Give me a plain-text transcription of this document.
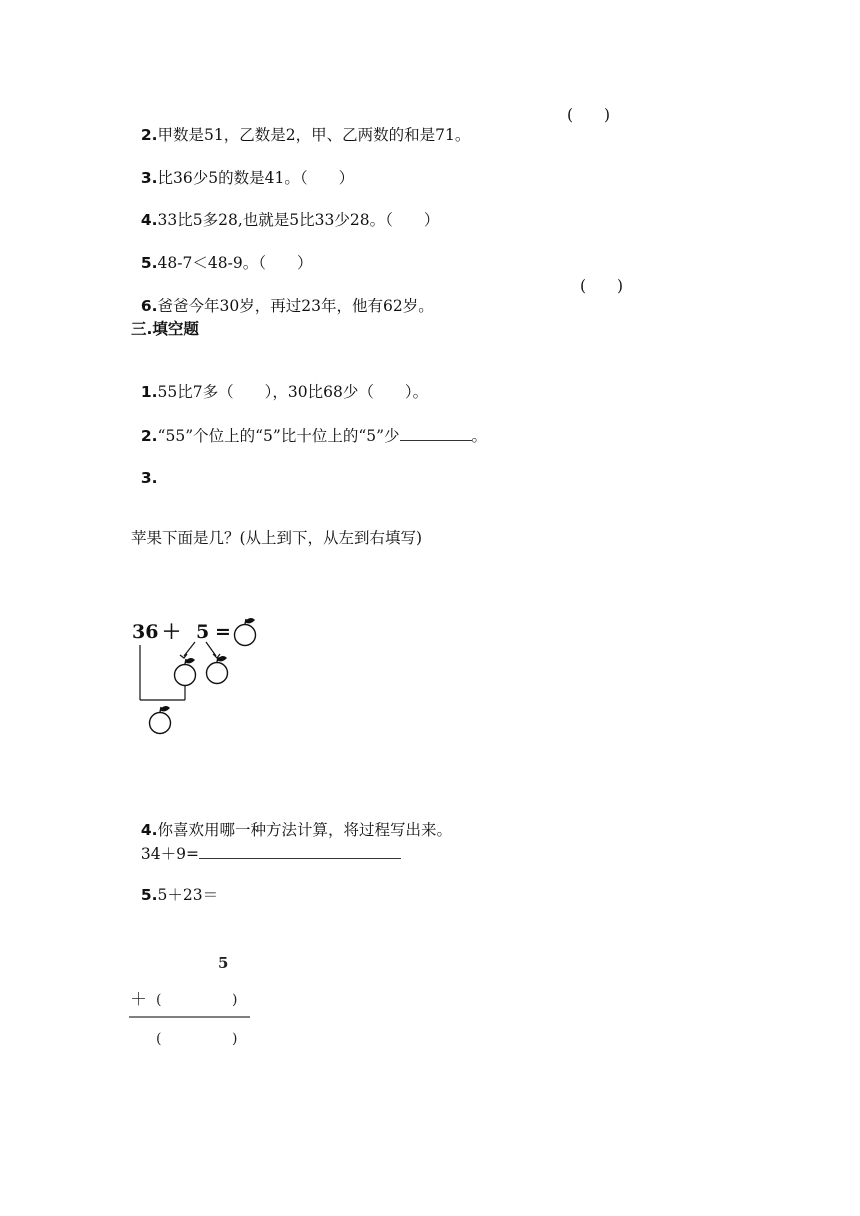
2.甲数是51，乙数是2，甲、乙两数的和是71。

(　　)

3.比36少5的数是41。（　　）

4.33比5多28,也就是5比33少28。（　　）

5.48-7＜48-9。（　　）

6.爸爸今年30岁，再过23年，他有62岁。

(　　)
三.填空题

1.55比7多（　　），30比68少（　　）。

2.“55”个位上的“5”比十位上的“5”少	。

3.

苹果下面是几？(从上到下，从左到右填写)
36 ＋ 5 =

4.你喜欢用哪一种方法计算，将过程写出来。

34＋9=

5.5＋23＝

5
＋ (	)
(	)
